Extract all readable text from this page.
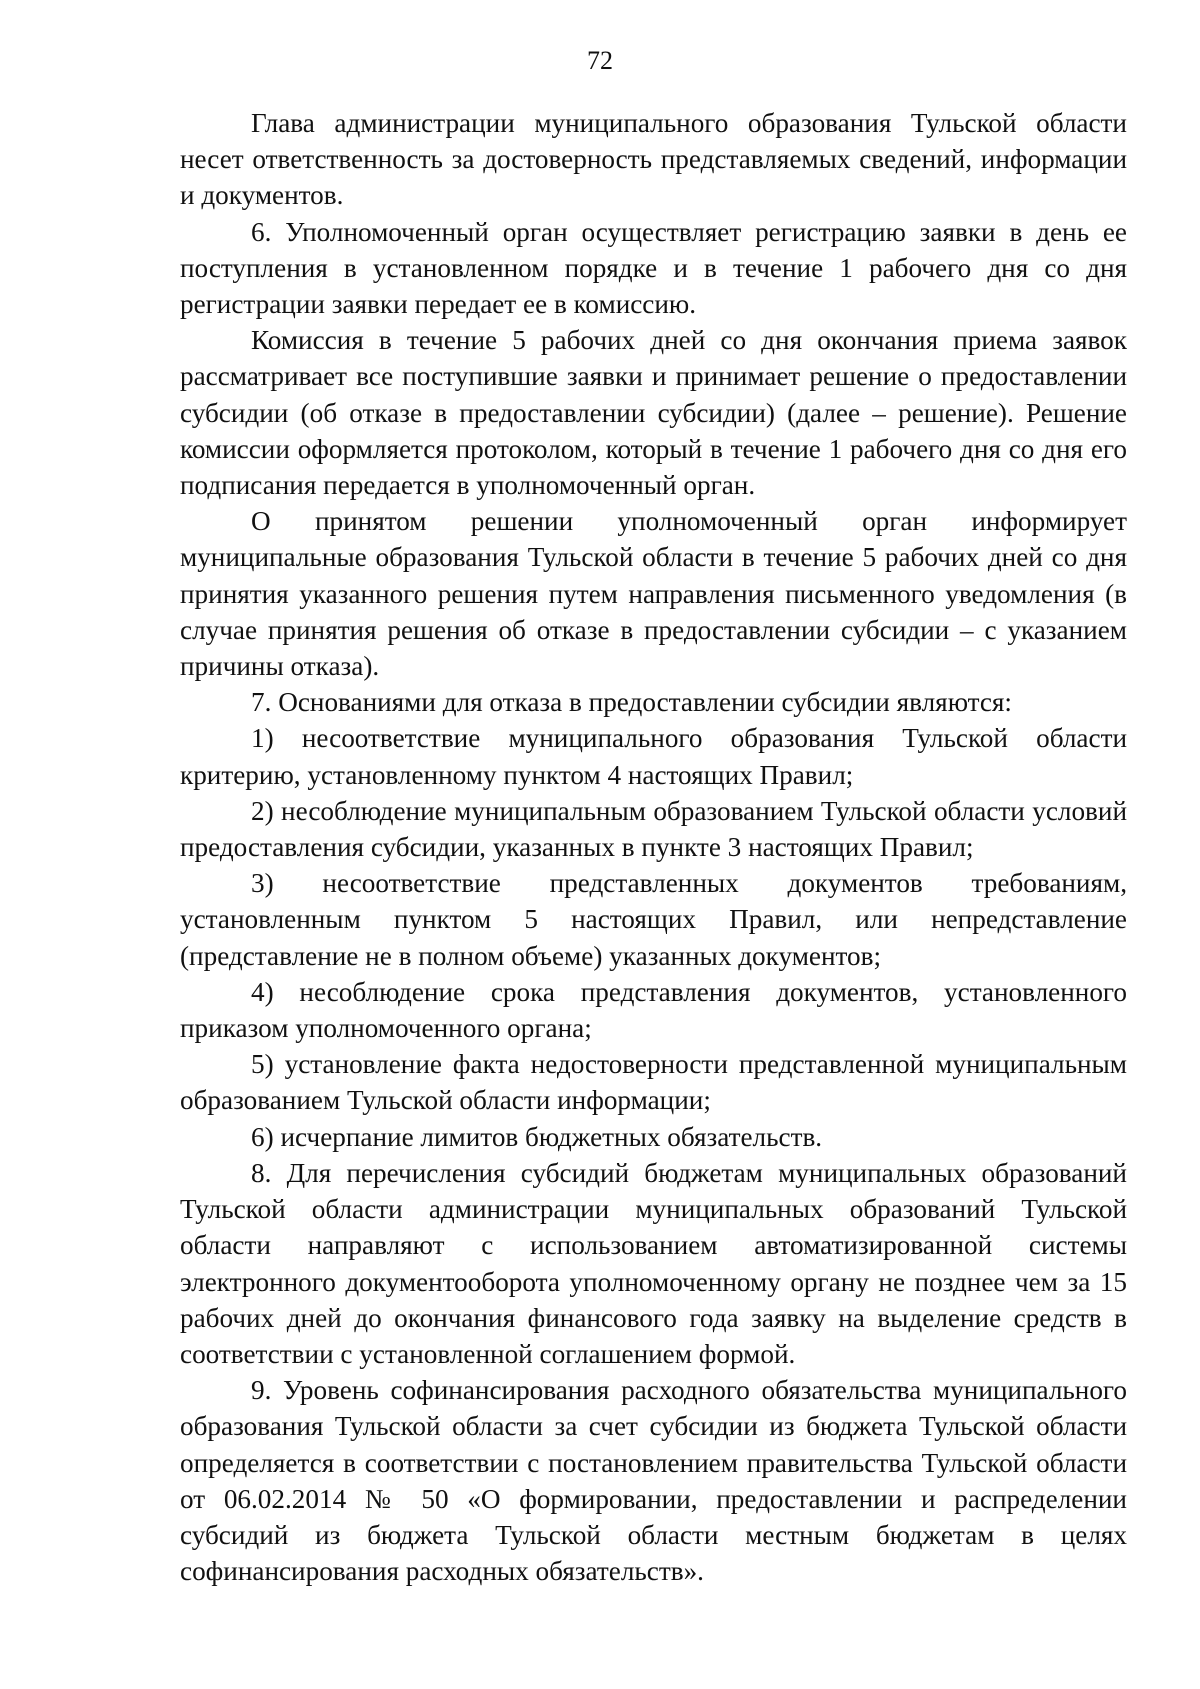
72

Глава администрации муниципального образования Тульской области несет ответственность за достоверность представляемых сведений, информации и документов.

6. Уполномоченный орган осуществляет регистрацию заявки в день ее поступления в установленном порядке и в течение 1 рабочего дня со дня регистрации заявки передает ее в комиссию.

Комиссия в течение 5 рабочих дней со дня окончания приема заявок рассматривает все поступившие заявки и принимает решение о предоставлении субсидии (об отказе в предоставлении субсидии) (далее – решение). Решение комиссии оформляется протоколом, который в течение 1 рабочего дня со дня его подписания передается в уполномоченный орган.

О принятом решении уполномоченный орган информирует муниципальные образования Тульской области в течение 5 рабочих дней со дня принятия указанного решения путем направления письменного уведомления (в случае принятия решения об отказе в предоставлении субсидии – с указанием причины отказа).

7. Основаниями для отказа в предоставлении субсидии являются:

1) несоответствие муниципального образования Тульской области критерию, установленному пунктом 4 настоящих Правил;

2) несоблюдение муниципальным образованием Тульской области условий предоставления субсидии, указанных в пункте 3 настоящих Правил;

3) несоответствие представленных документов требованиям, установленным пунктом 5 настоящих Правил, или непредставление (представление не в полном объеме) указанных документов;

4) несоблюдение срока представления документов, установленного приказом уполномоченного органа;

5) установление факта недостоверности представленной муниципальным образованием Тульской области информации;

6) исчерпание лимитов бюджетных обязательств.

8. Для перечисления субсидий бюджетам муниципальных образований Тульской области администрации муниципальных образований Тульской области направляют с использованием автоматизированной системы электронного документооборота уполномоченному органу не позднее чем за 15 рабочих дней до окончания финансового года заявку на выделение средств в соответствии с установленной соглашением формой.

9. Уровень софинансирования расходного обязательства муниципального образования Тульской области за счет субсидии из бюджета Тульской области определяется в соответствии с постановлением правительства Тульской области от 06.02.2014 № 50 «О формировании, предоставлении и распределении субсидий из бюджета Тульской области местным бюджетам в целях софинансирования расходных обязательств».
